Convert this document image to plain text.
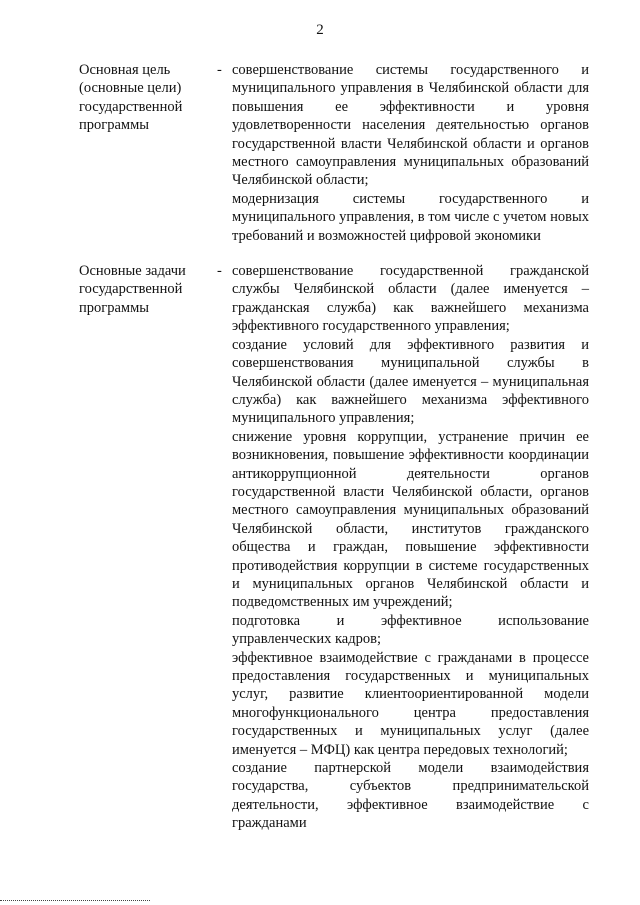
2
Основная цель (основные цели) государственной программы
- совершенствование системы государственного и муниципального управления в Челябинской области для повышения ее эффективности и уровня удовлетворенности населения деятельностью органов государственной власти Челябинской области и органов местного самоуправления муниципальных образований Челябинской области;
модернизация системы государственного и муниципального управления, в том числе с учетом новых требований и возможностей цифровой экономики
Основные задачи государственной программы
- совершенствование государственной гражданской службы Челябинской области (далее именуется – гражданская служба) как важнейшего механизма эффективного государственного управления;
создание условий для эффективного развития и совершенствования муниципальной службы в Челябинской области (далее именуется – муниципальная служба) как важнейшего механизма эффективного муниципального управления;
снижение уровня коррупции, устранение причин ее возникновения, повышение эффективности координации антикоррупционной деятельности органов государственной власти Челябинской области, органов местного самоуправления муниципальных образований Челябинской области, институтов гражданского общества и граждан, повышение эффективности противодействия коррупции в системе государственных и муниципальных органов Челябинской области и подведомственных им учреждений;
подготовка и эффективное использование управленческих кадров;
эффективное взаимодействие с гражданами в процессе предоставления государственных и муниципальных услуг, развитие клиентоориентированной модели многофункционального центра предоставления государственных и муниципальных услуг (далее именуется – МФЦ) как центра передовых технологий;
создание партнерской модели взаимодействия государства, субъектов предпринимательской деятельности, эффективное взаимодействие с гражданами
